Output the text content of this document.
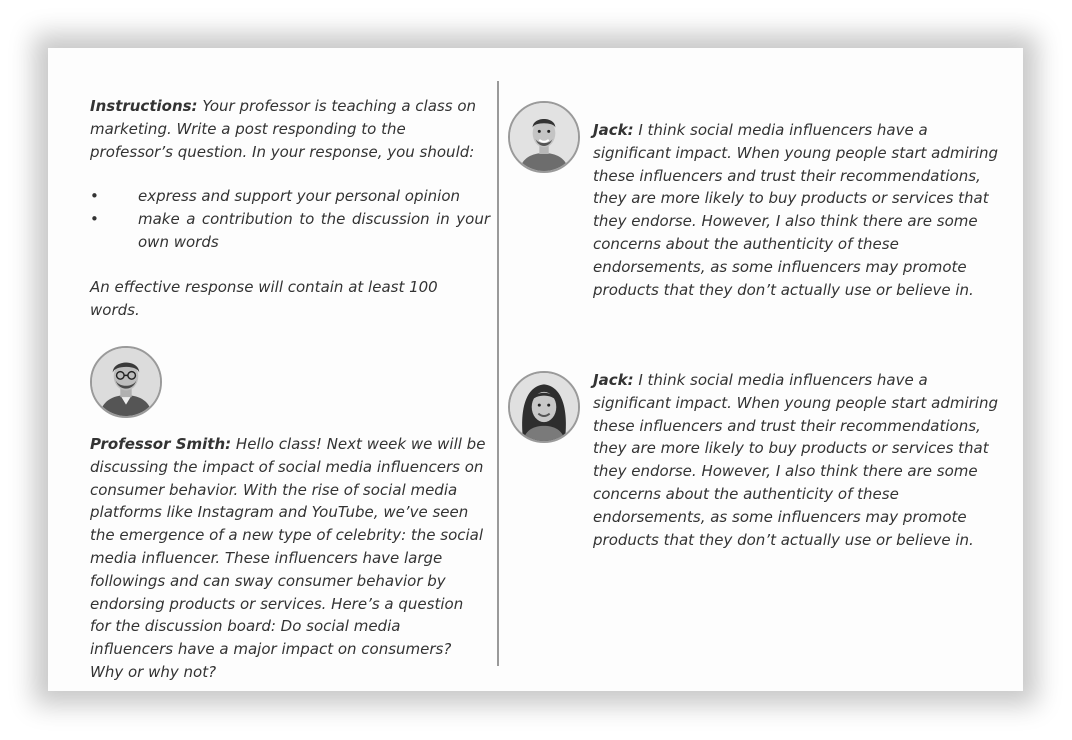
Instructions: Your professor is teaching a class on marketing. Write a post responding to the professor’s question. In your response, you should:

•	express and support your personal opinion
•	make a contribution to the discussion in your own words

An effective response will contain at least 100 words.

Professor Smith: Hello class! Next week we will be discussing the impact of social media influencers on consumer behavior. With the rise of social media platforms like Instagram and YouTube, we’ve seen the emergence of a new type of celebrity: the social media influencer. These influencers have large followings and can sway consumer behavior by endorsing products or services. Here’s a question for the discussion board: Do social media influencers have a major impact on consumers? Why or why not?
Jack: I think social media influencers have a significant impact. When young people start admiring these influencers and trust their recommendations, they are more likely to buy products or services that they endorse. However, I also think there are some concerns about the authenticity of these endorsements, as some influencers may promote products that they don’t actually use or believe in.
Jack: I think social media influencers have a significant impact. When young people start admiring these influencers and trust their recommendations, they are more likely to buy products or services that they endorse. However, I also think there are some concerns about the authenticity of these endorsements, as some influencers may promote products that they don’t actually use or believe in.
